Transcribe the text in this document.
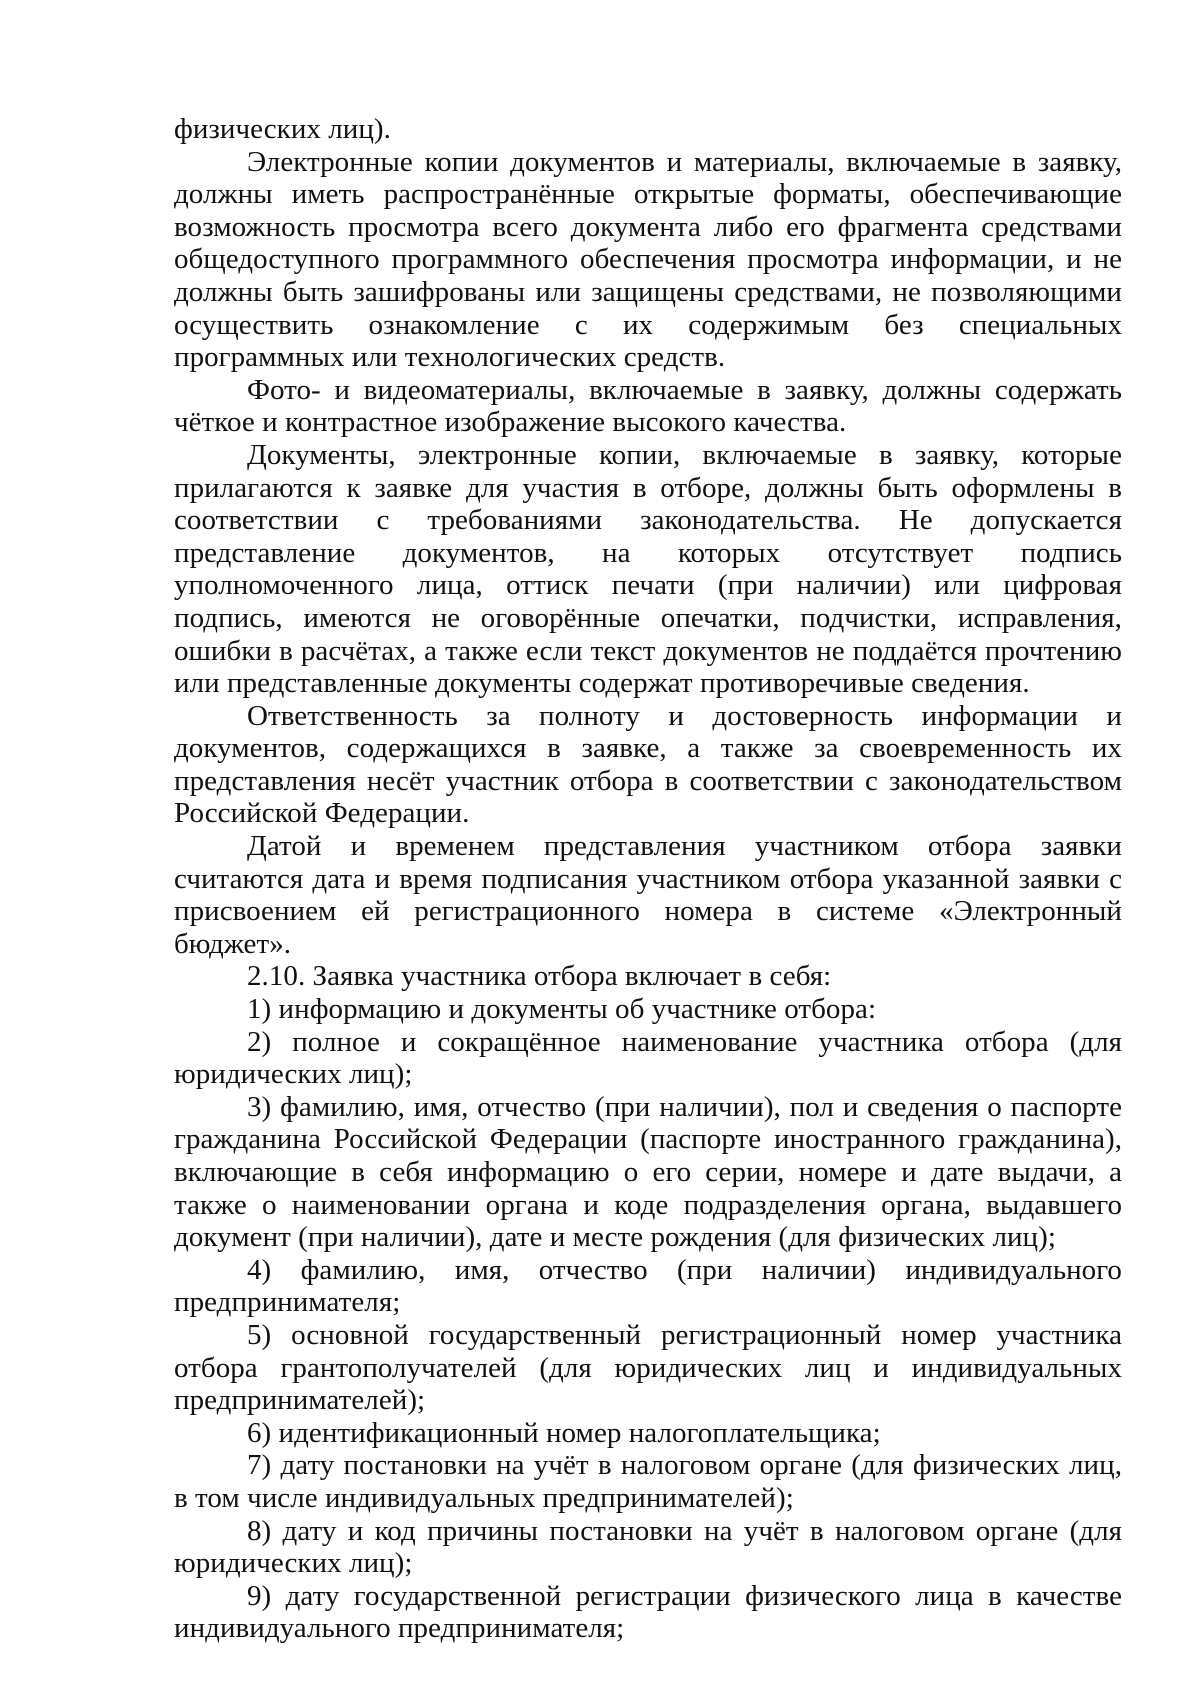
физических лиц).

Электронные копии документов и материалы, включаемые в заявку, должны иметь распространённые открытые форматы, обеспечивающие возможность просмотра всего документа либо его фрагмента средствами общедоступного программного обеспечения просмотра информации, и не должны быть зашифрованы или защищены средствами, не позволяющими осуществить ознакомление с их содержимым без специальных программных или технологических средств.

Фото- и видеоматериалы, включаемые в заявку, должны содержать чёткое и контрастное изображение высокого качества.

Документы, электронные копии, включаемые в заявку, которые прилагаются к заявке для участия в отборе, должны быть оформлены в соответствии с требованиями законодательства. Не допускается представление документов, на которых отсутствует подпись уполномоченного лица, оттиск печати (при наличии) или цифровая подпись, имеются не оговорённые опечатки, подчистки, исправления, ошибки в расчётах, а также если текст документов не поддаётся прочтению или представленные документы содержат противоречивые сведения.

Ответственность за полноту и достоверность информации и документов, содержащихся в заявке, а также за своевременность их представления несёт участник отбора в соответствии с законодательством Российской Федерации.

Датой и временем представления участником отбора заявки считаются дата и время подписания участником отбора указанной заявки с присвоением ей регистрационного номера в системе «Электронный бюджет».

2.10. Заявка участника отбора включает в себя:

1) информацию и документы об участнике отбора:

2) полное и сокращённое наименование участника отбора (для юридических лиц);

3) фамилию, имя, отчество (при наличии), пол и сведения о паспорте гражданина Российской Федерации (паспорте иностранного гражданина), включающие в себя информацию о его серии, номере и дате выдачи, а также о наименовании органа и коде подразделения органа, выдавшего документ (при наличии), дате и месте рождения (для физических лиц);

4) фамилию, имя, отчество (при наличии) индивидуального предпринимателя;

5) основной государственный регистрационный номер участника отбора грантополучателей (для юридических лиц и индивидуальных предпринимателей);

6) идентификационный номер налогоплательщика;

7) дату постановки на учёт в налоговом органе (для физических лиц, в том числе индивидуальных предпринимателей);

8) дату и код причины постановки на учёт в налоговом органе (для юридических лиц);

9) дату государственной регистрации физического лица в качестве индивидуального предпринимателя;
